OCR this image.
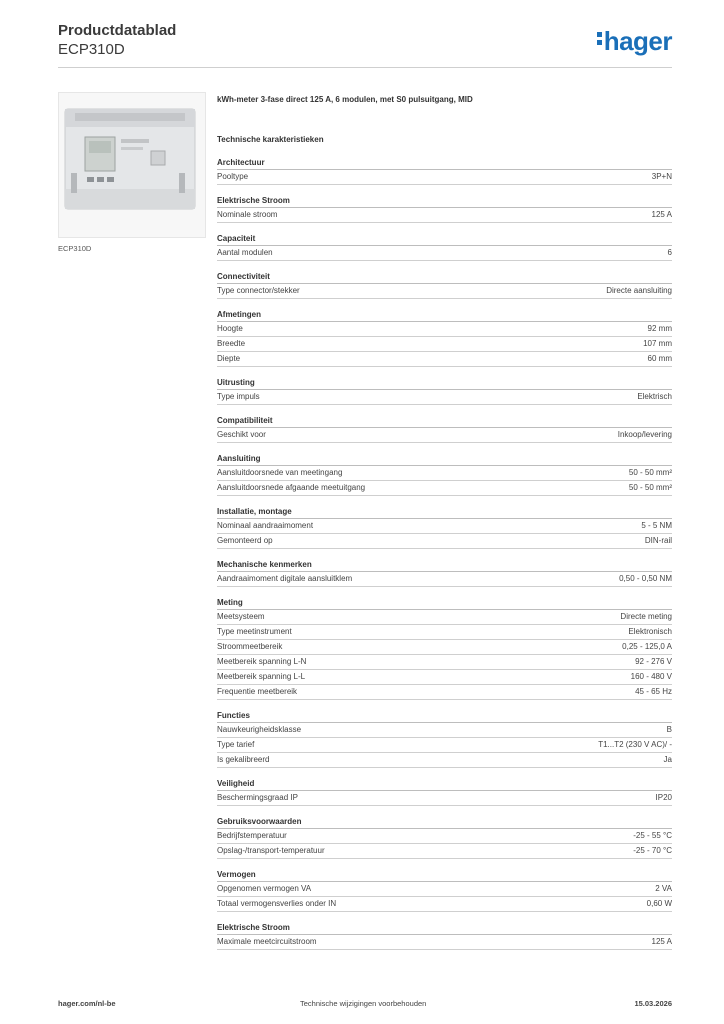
Productdatablad
ECP310D	hager
ECP310D
kWh-meter 3-fase direct 125 A, 6 modulen, met S0 pulsuitgang, MID
Technische karakteristieken
Architectuur
Pooltype	3P+N
Elektrische Stroom
Nominale stroom	125 A
Capaciteit
Aantal modulen	6
Connectiviteit
Type connector/stekker	Directe aansluiting
Afmetingen
Hoogte	92 mm
Breedte	107 mm
Diepte	60 mm
Uitrusting
Type impuls	Elektrisch
Compatibiliteit
Geschikt voor	Inkoop/levering
Aansluiting
Aansluitdoorsnede van meetingang	50 - 50 mm²
Aansluitdoorsnede afgaande meetuitgang	50 - 50 mm²
Installatie, montage
Nominaal aandraaimoment	5 - 5 NM
Gemonteerd op	DIN-rail
Mechanische kenmerken
Aandraaimoment digitale aansluitklem	0,50 - 0,50 NM
Meting
Meetsysteem	Directe meting
Type meetinstrument	Elektronisch
Stroommeetbereik	0,25 - 125,0 A
Meetbereik spanning L-N	92 - 276 V
Meetbereik spanning L-L	160 - 480 V
Frequentie meetbereik	45 - 65 Hz
Functies
Nauwkeurigheidsklasse	B
Type tarief	T1...T2 (230 V AC)/ -
Is gekalibreerd	Ja
Veiligheid
Beschermingsgraad IP	IP20
Gebruiksvoorwaarden
Bedrijfstemperatuur	-25 - 55 °C
Opslag-/transport-temperatuur	-25 - 70 °C
Vermogen
Opgenomen vermogen VA	2 VA
Totaal vermogensverlies onder IN	0,60 W
Elektrische Stroom
Maximale meetcircuitstroom	125 A
hager.com/nl-be	Technische wijzigingen voorbehouden	15.03.2026
